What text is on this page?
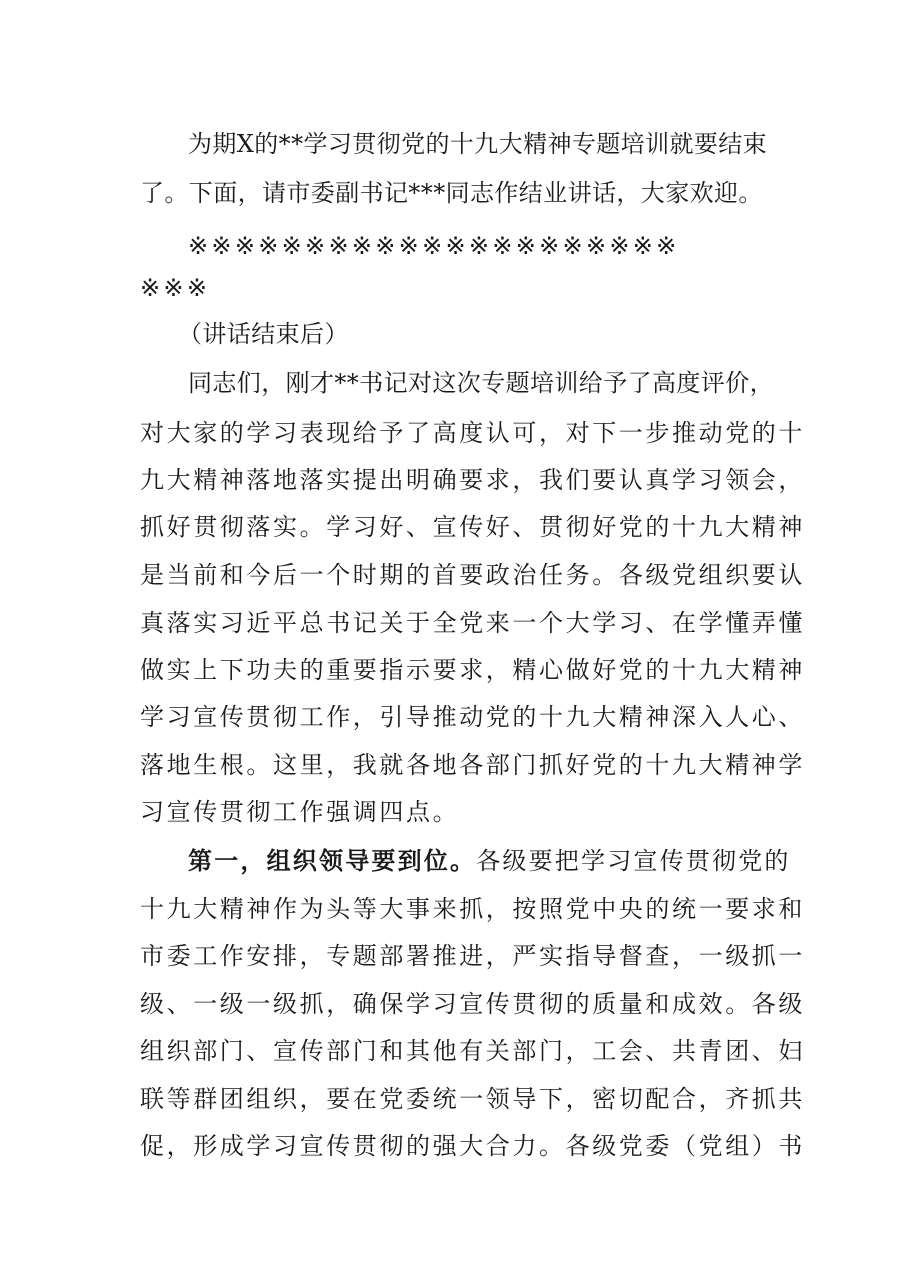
为期X的**学习贯彻党的十九大精神专题培训就要结束
了。下面，请市委副书记***同志作结业讲话，大家欢迎。
※※※※※※※※※※※※※※※※※※※※※
※※※
（讲话结束后）
同志们，刚才**书记对这次专题培训给予了高度评价，
对大家的学习表现给予了高度认可，对下一步推动党的十
九大精神落地落实提出明确要求，我们要认真学习领会，
抓好贯彻落实。学习好、宣传好、贯彻好党的十九大精神
是当前和今后一个时期的首要政治任务。各级党组织要认
真落实习近平总书记关于全党来一个大学习、在学懂弄懂
做实上下功夫的重要指示要求，精心做好党的十九大精神
学习宣传贯彻工作，引导推动党的十九大精神深入人心、
落地生根。这里，我就各地各部门抓好党的十九大精神学
习宣传贯彻工作强调四点。
第一，组织领导要到位。各级要把学习宣传贯彻党的
十九大精神作为头等大事来抓，按照党中央的统一要求和
市委工作安排，专题部署推进，严实指导督查，一级抓一
级、一级一级抓，确保学习宣传贯彻的质量和成效。各级
组织部门、宣传部门和其他有关部门，工会、共青团、妇
联等群团组织，要在党委统一领导下，密切配合，齐抓共
促，形成学习宣传贯彻的强大合力。各级党委（党组）书
